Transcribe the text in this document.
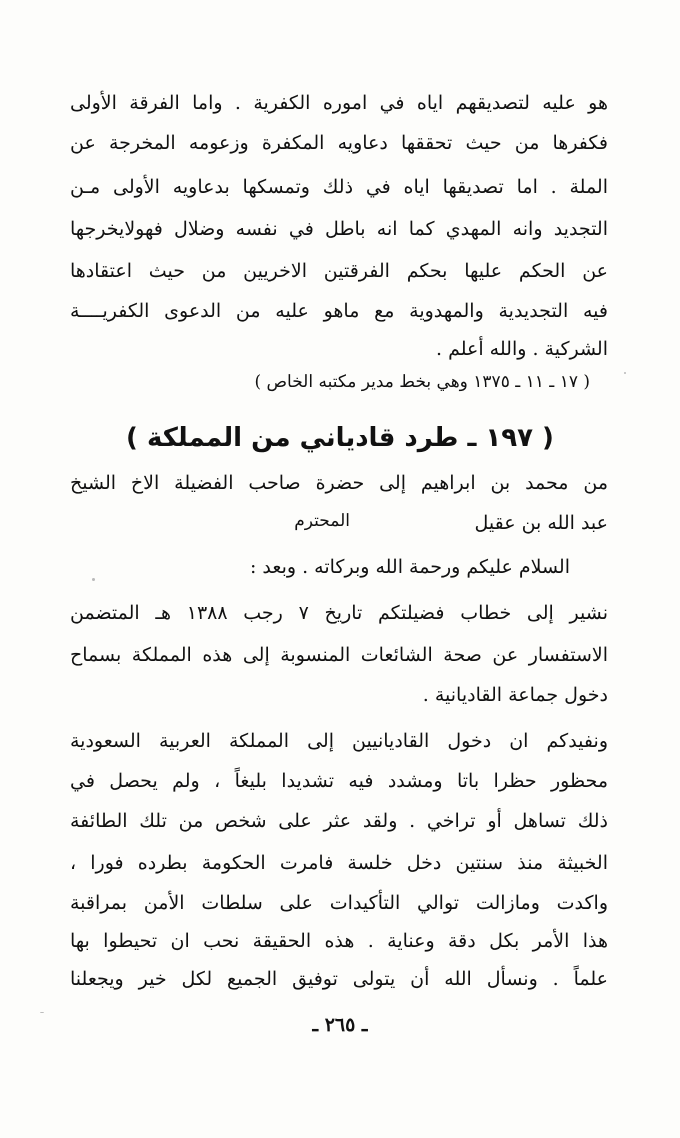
هو عليه لتصديقهم اياه في اموره الكفرية . واما الفرقة الأولى
فكفرها من حيث تحققها دعاويه المكفرة وزعومه المخرجة عن
الملة . اما تصديقها اياه في ذلك وتمسكها بدعاويه الأولى مـن
التجديد وانه المهدي كما انه باطل في نفسه وضلال فهولايخرجها
عن الحكم عليها بحكم الفرقتين الاخريين من حيث اعتقادها
فيه التجديدية والمهدوية مع ماهو عليه من الدعوى الكفريــــة
الشركية . والله أعلم .
( ١٧ ـ ١١ ـ ١٣٧٥ وهي بخط مدير مكتبه الخاص )
( ١٩٧ ـ طرد قادياني من المملكة )
من محمد بن ابراهيم إلى حضرة صاحب الفضيلة الاخ الشيخ
عبد الله بن عقيل
المحترم
السلام عليكم ورحمة الله وبركاته . وبعد :
نشير إلى خطاب فضيلتكم تاريخ ٧ رجب ١٣٨٨ هـ المتضمن
الاستفسار عن صحة الشائعات المنسوبة إلى هذه المملكة بسماح
دخول جماعة القاديانية .
ونفيدكم ان دخول القاديانيين إلى المملكة العربية السعودية
محظور حظرا باتا ومشدد فيه تشديدا بليغاً ، ولم يحصل في
ذلك تساهل أو تراخي . ولقد عثر على شخص من تلك الطائفة
الخبيثة منذ سنتين دخل خلسة فامرت الحكومة بطرده فورا ،
واكدت ومازالت توالي التأكيدات على سلطات الأمن بمراقبة
هذا الأمر بكل دقة وعناية . هذه الحقيقة نحب ان تحيطوا بها
علماً . ونسأل الله أن يتولى توفيق الجميع لكل خير ويجعلنا
ـ ٢٦٥ ـ
